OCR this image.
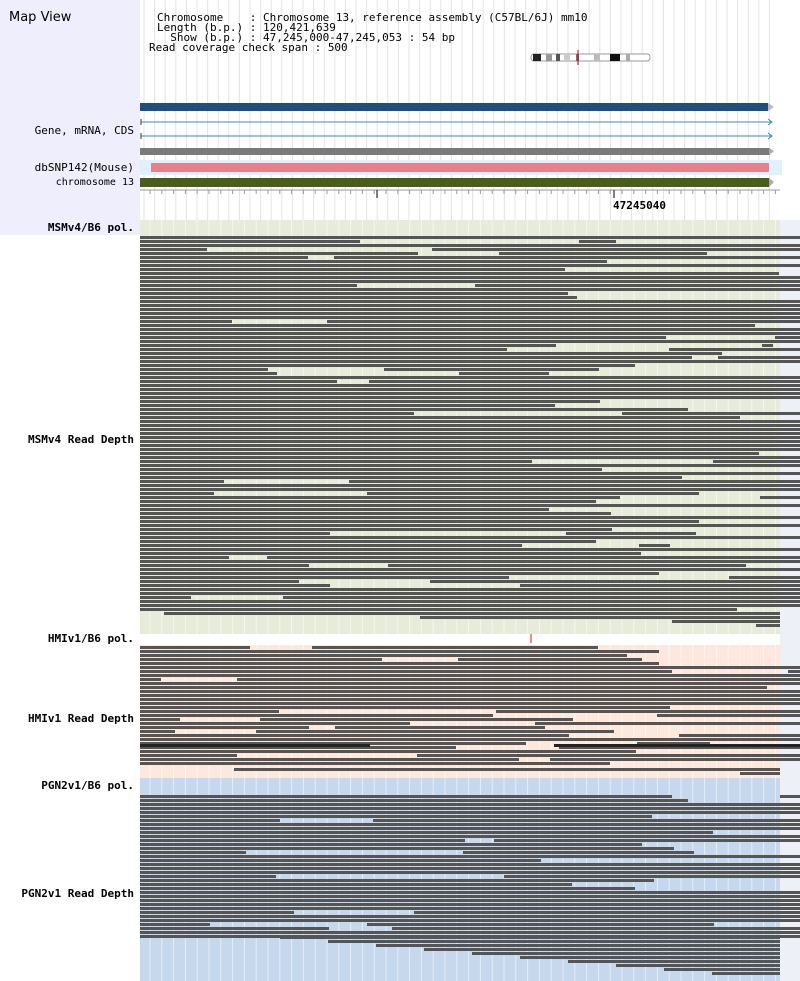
Map View	Chromosome    : Chromosome 13, reference assembly (C57BL/6J) mm10
Length (b.p.) : 120,421,639
Show (b.p.) : 47,245,000-47,245,053 : 54 bp
Read coverage check span : 500
Gene, mRNA, CDS
dbSNP142(Mouse)
chromosome 13
MSMv4/B6 pol.
MSMv4 Read Depth
HMIv1/B6 pol.
HMIv1 Read Depth
PGN2v1/B6 pol.
PGN2v1 Read Depth
47245040
